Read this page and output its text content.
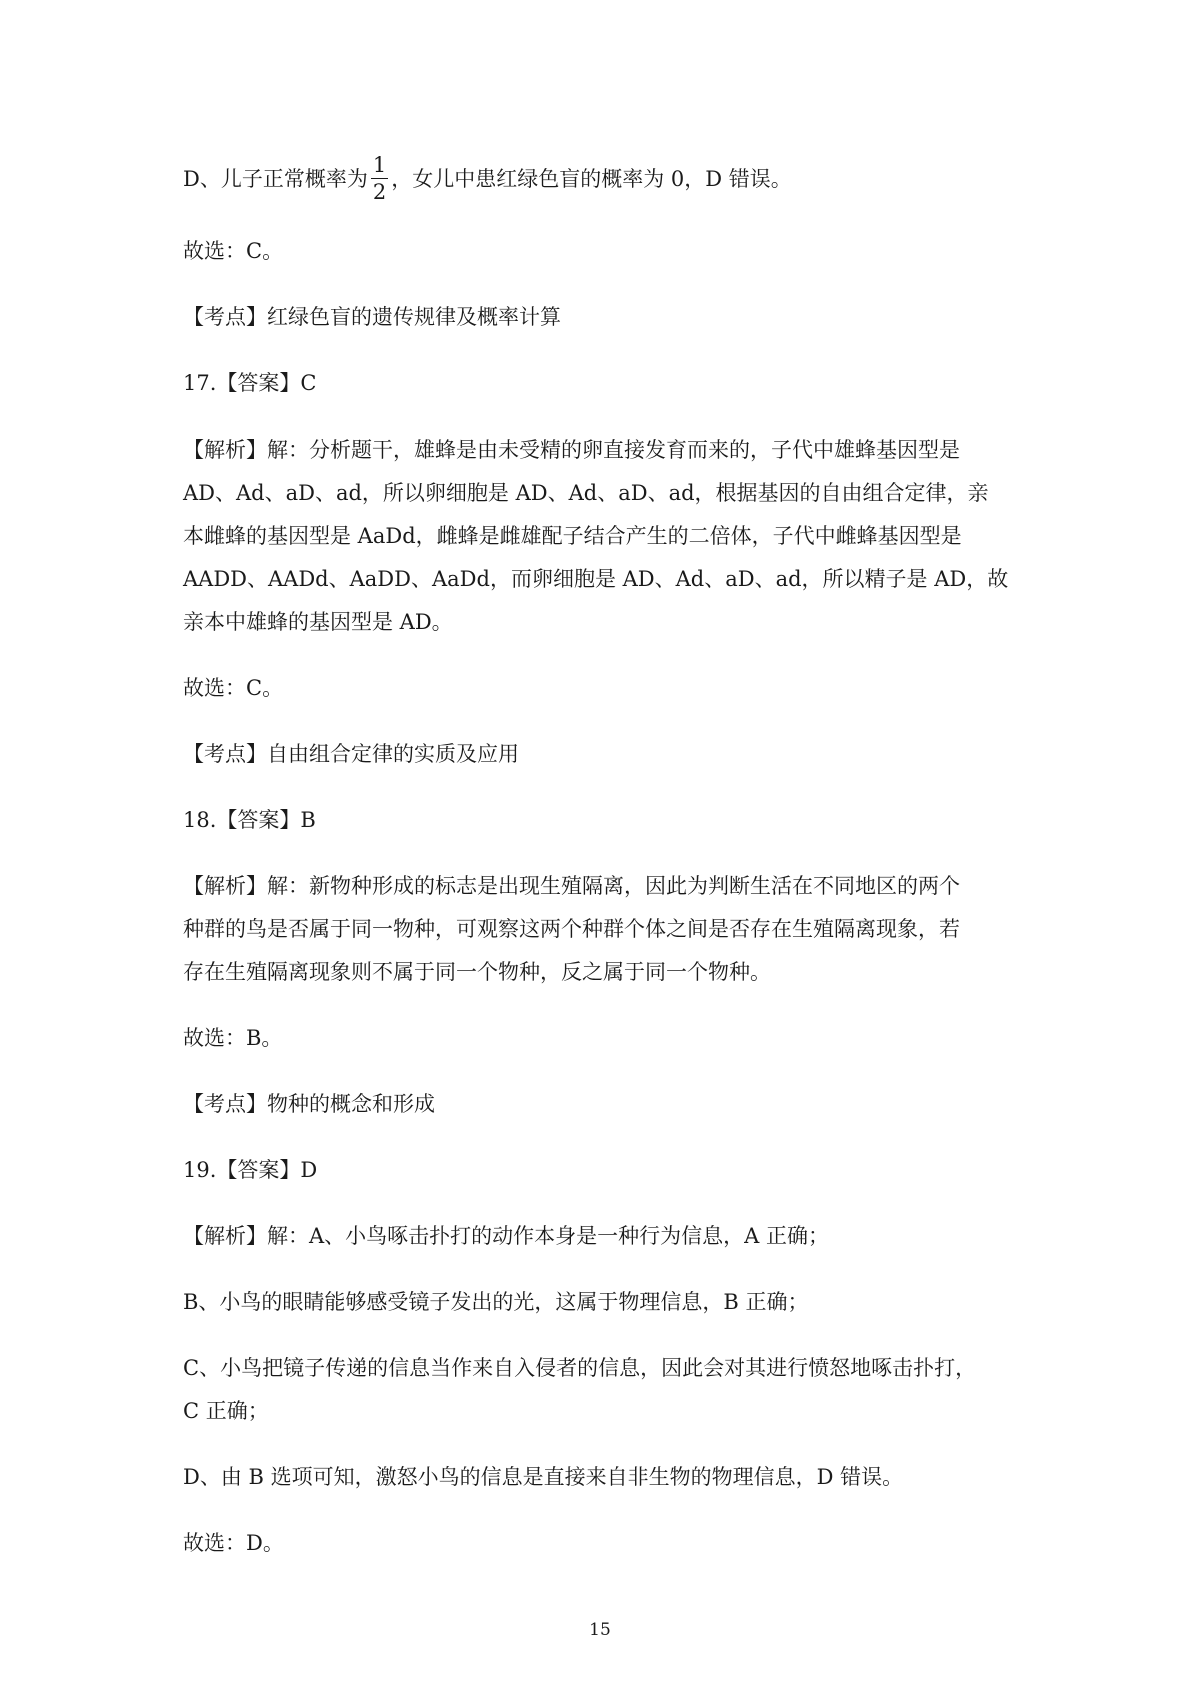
D、儿子正常概率为 $\frac{1}{2}$ ，女儿中患红绿色盲的概率为 0，D 错误。
故选：C。
【考点】红绿色盲的遗传规律及概率计算
17.【答案】C
【解析】解：分析题干，雄蜂是由未受精的卵直接发育而来的，子代中雄蜂基因型是
AD、Ad、aD、ad，所以卵细胞是 AD、Ad、aD、ad，根据基因的自由组合定律，亲
本雌蜂的基因型是 AaDd，雌蜂是雌雄配子结合产生的二倍体，子代中雌蜂基因型是
AADD、AADd、AaDD、AaDd，而卵细胞是 AD、Ad、aD、ad，所以精子是 AD，故
亲本中雄蜂的基因型是 AD。
故选：C。
【考点】自由组合定律的实质及应用
18.【答案】B
【解析】解：新物种形成的标志是出现生殖隔离，因此为判断生活在不同地区的两个
种群的鸟是否属于同一物种，可观察这两个种群个体之间是否存在生殖隔离现象，若
存在生殖隔离现象则不属于同一个物种，反之属于同一个物种。
故选：B。
【考点】物种的概念和形成
19.【答案】D
【解析】解：A、小鸟啄击扑打的动作本身是一种行为信息，A 正确；
B、小鸟的眼睛能够感受镜子发出的光，这属于物理信息，B 正确；
C、小鸟把镜子传递的信息当作来自入侵者的信息，因此会对其进行愤怒地啄击扑打，
C 正确；
D、由 B 选项可知，激怒小鸟的信息是直接来自非生物的物理信息，D 错误。
故选：D。
15
